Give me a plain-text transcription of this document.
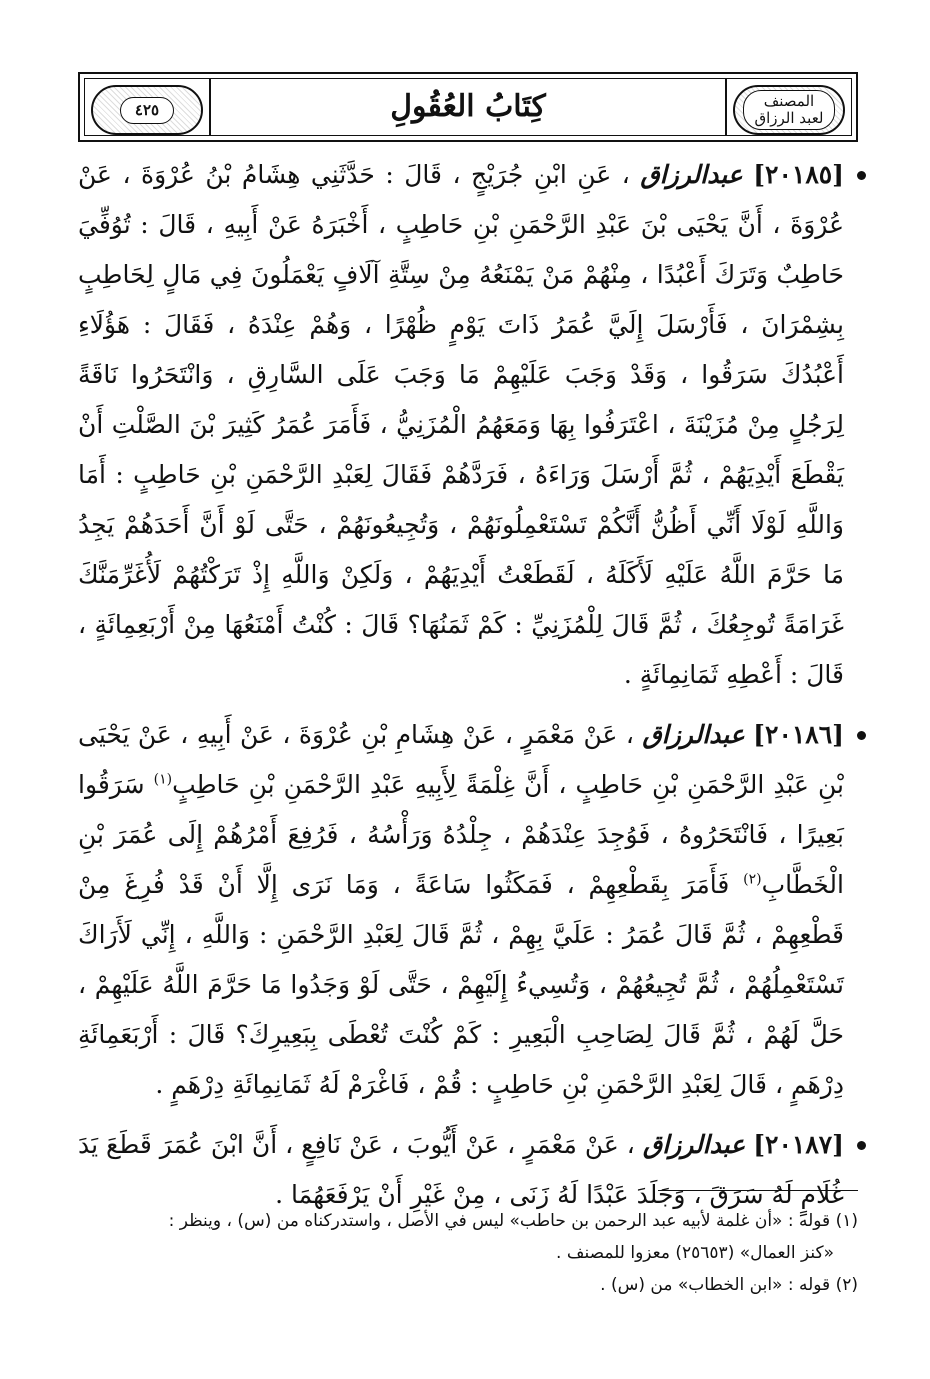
٤٢٥	كِتَابُ العُقُولِ	المصنف
لعبد الرزاق

[٢٠١٨٥] عبدالرزاق ، عَنِ ابْنِ جُرَيْجٍ ، قَالَ : حَدَّثَنِي هِشَامُ بْنُ عُرْوَةَ ، عَنْ عُرْوَةَ ، أَنَّ يَحْيَى بْنَ عَبْدِ الرَّحْمَنِ بْنِ حَاطِبٍ ، أَخْبَرَهُ عَنْ أَبِيهِ ، قَالَ : تُوُفِّيَ حَاطِبٌ وَتَرَكَ أَعْبُدًا ، مِنْهُمْ مَنْ يَمْنَعُهُ مِنْ سِتَّةِ آلَافٍ يَعْمَلُونَ فِي مَالٍ لِحَاطِبٍ بِشِمْرَانَ ، فَأَرْسَلَ إِلَيَّ عُمَرُ ذَاتَ يَوْمٍ ظُهْرًا ، وَهُمْ عِنْدَهُ ، فَقَالَ : هَؤُلَاءِ أَعْبُدُكَ سَرَقُوا ، وَقَدْ وَجَبَ عَلَيْهِمْ مَا وَجَبَ عَلَى السَّارِقِ ، وَانْتَحَرُوا نَاقَةً لِرَجُلٍ مِنْ مُزَيْنَةَ ، اعْتَرَفُوا بِهَا وَمَعَهُمُ الْمُزَنِيُّ ، فَأَمَرَ عُمَرُ كَثِيرَ بْنَ الصَّلْتِ أَنْ يَقْطَعَ أَيْدِيَهُمْ ، ثُمَّ أَرْسَلَ وَرَاءَهُ ، فَرَدَّهُمْ فَقَالَ لِعَبْدِ الرَّحْمَنِ بْنِ حَاطِبٍ : أَمَا وَاللَّهِ لَوْلَا أَنِّي أَظُنُّ أَنَّكُمْ تَسْتَعْمِلُونَهُمْ ، وَتُجِيعُونَهُمْ ، حَتَّى لَوْ أَنَّ أَحَدَهُمْ يَجِدُ مَا حَرَّمَ اللَّهُ عَلَيْهِ لَأَكَلَهُ ، لَقَطَعْتُ أَيْدِيَهُمْ ، وَلَكِنْ وَاللَّهِ إِذْ تَرَكْتُهُمْ لَأُغَرِّمَنَّكَ غَرَامَةً تُوجِعُكَ ، ثُمَّ قَالَ لِلْمُزَنِيِّ : كَمْ ثَمَنُهَا؟ قَالَ : كُنْتُ أَمْنَعُهَا مِنْ أَرْبَعِمِائَةٍ ، قَالَ : أَعْطِهِ ثَمَانِمِائَةٍ .

[٢٠١٨٦] عبدالرزاق ، عَنْ مَعْمَرٍ ، عَنْ هِشَامِ بْنِ عُرْوَةَ ، عَنْ أَبِيهِ ، عَنْ يَحْيَى بْنِ عَبْدِ الرَّحْمَنِ بْنِ حَاطِبٍ ، أَنَّ غِلْمَةً لِأَبِيهِ عَبْدِ الرَّحْمَنِ بْنِ حَاطِبٍ$^{(١)}$ سَرَقُوا بَعِيرًا ، فَانْتَحَرُوهُ ، فَوُجِدَ عِنْدَهُمْ ، جِلْدُهُ وَرَأْسُهُ ، فَرُفِعَ أَمْرُهُمْ إِلَى عُمَرَ بْنِ الْخَطَّابِ$^{(٢)}$ فَأَمَرَ بِقَطْعِهِمْ ، فَمَكَثُوا سَاعَةً ، وَمَا نَرَى إِلَّا أَنْ قَدْ فُرِغَ مِنْ قَطْعِهِمْ ، ثُمَّ قَالَ عُمَرُ : عَلَيَّ بِهِمْ ، ثُمَّ قَالَ لِعَبْدِ الرَّحْمَنِ : وَاللَّهِ ، إِنِّي لَأَرَاكَ تَسْتَعْمِلُهُمْ ، ثُمَّ تُجِيعُهُمْ ، وَتُسِيءُ إِلَيْهِمْ ، حَتَّى لَوْ وَجَدُوا مَا حَرَّمَ اللَّهُ عَلَيْهِمْ ، حَلَّ لَهُمْ ، ثُمَّ قَالَ لِصَاحِبِ الْبَعِيرِ : كَمْ كُنْتَ تُعْطَى بِبَعِيرِكَ؟ قَالَ : أَرْبَعَمِائَةِ دِرْهَمٍ ، قَالَ لِعَبْدِ الرَّحْمَنِ بْنِ حَاطِبٍ : قُمْ ، فَاغْرَمْ لَهُ ثَمَانِمِائَةِ دِرْهَمٍ .

[٢٠١٨٧] عبدالرزاق ، عَنْ مَعْمَرٍ ، عَنْ أَيُّوبَ ، عَنْ نَافِعٍ ، أَنَّ ابْنَ عُمَرَ قَطَعَ يَدَ غُلَامٍ لَهُ سَرَقَ ، وَجَلَدَ عَبْدًا لَهُ زَنَى ، مِنْ غَيْرِ أَنْ يَرْفَعَهُمَا .

(١) قوله : «أن غلمة لأبيه عبد الرحمن بن حاطب» ليس في الأصل ، واستدركناه من (س) ، وينظر :

«كنز العمال» (٢٥٦٥٣) معزوا للمصنف .

(٢) قوله : «ابن الخطاب» من (س) .
